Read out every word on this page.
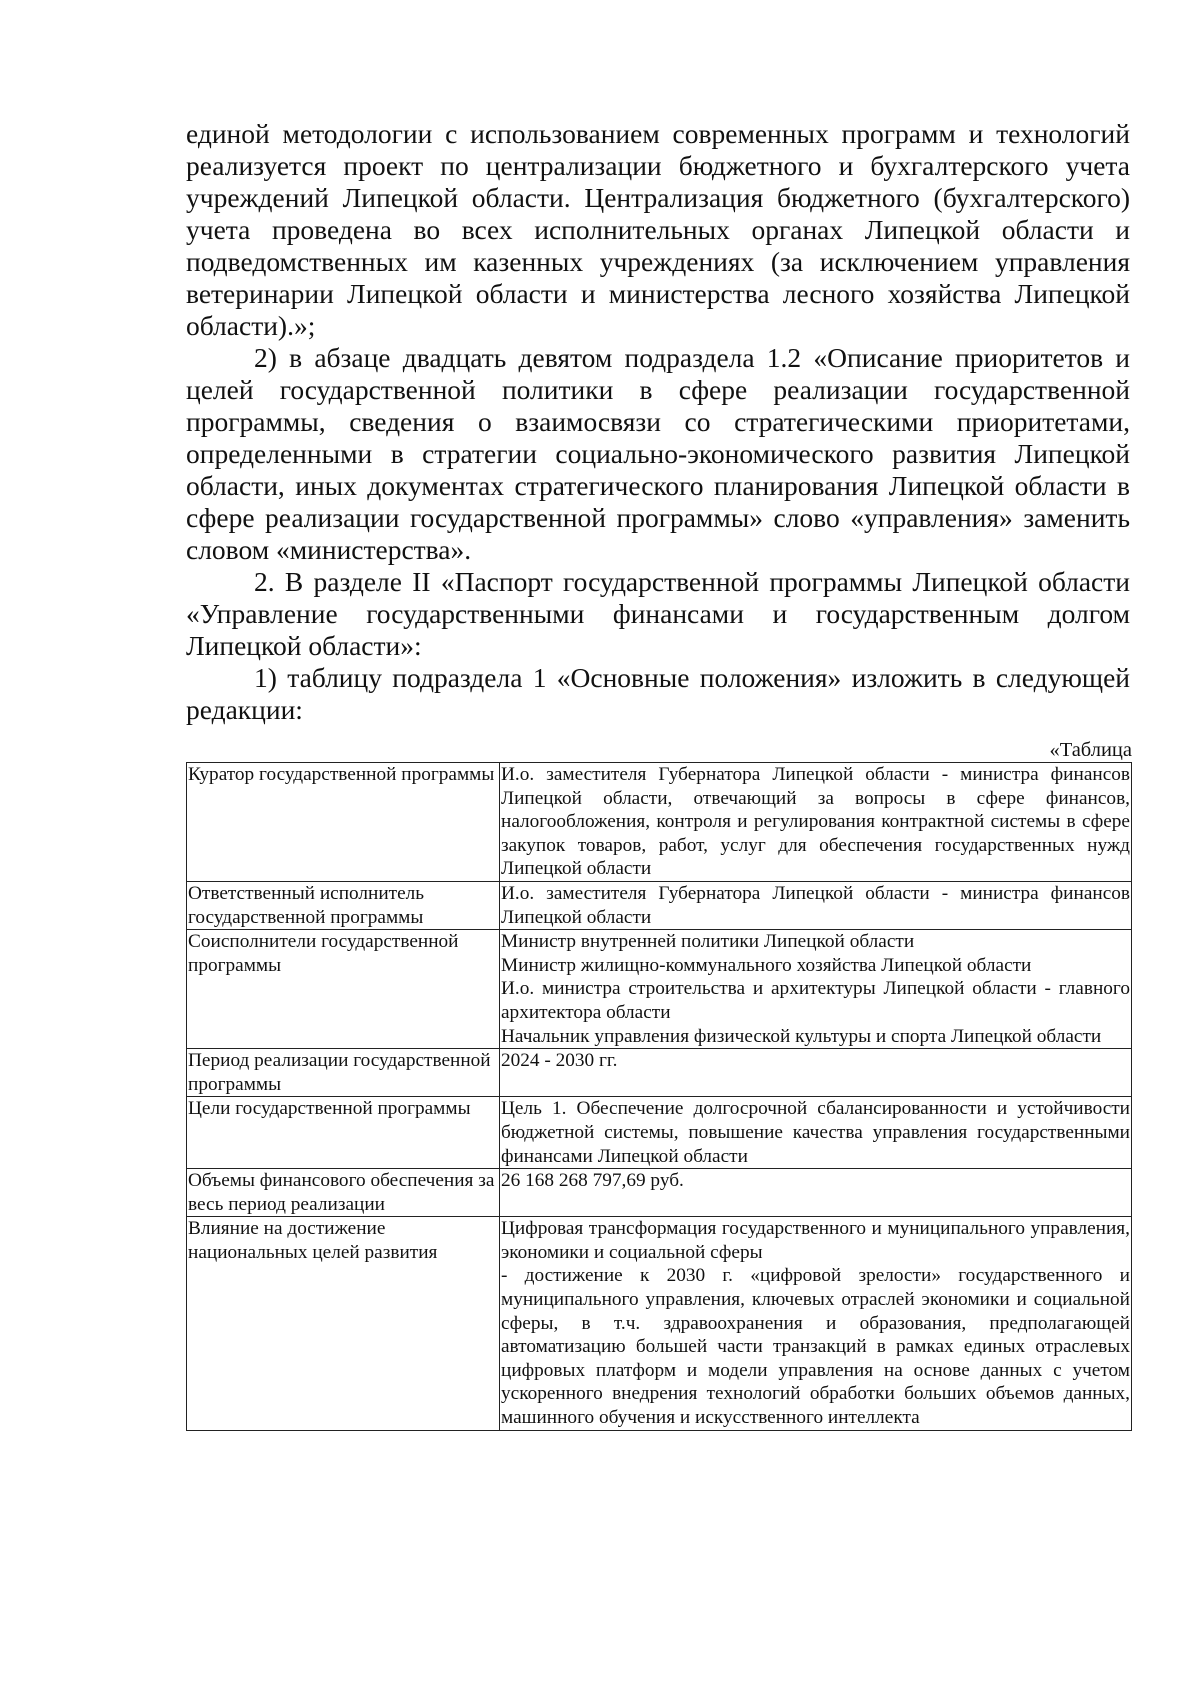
единой методологии с использованием современных программ и технологий реализуется проект по централизации бюджетного и бухгалтерского учета учреждений Липецкой области. Централизация бюджетного (бухгалтерского) учета проведена во всех исполнительных органах Липецкой области и подведомственных им казенных учреждениях (за исключением управления ветеринарии Липецкой области и министерства лесного хозяйства Липецкой области).»;

2) в абзаце двадцать девятом подраздела 1.2 «Описание приоритетов и целей государственной политики в сфере реализации государственной программы, сведения о взаимосвязи со стратегическими приоритетами, определенными в стратегии социально-экономического развития Липецкой области, иных документах стратегического планирования Липецкой области в сфере реализации государственной программы» слово «управления» заменить словом «министерства».

2. В разделе II «Паспорт государственной программы Липецкой области «Управление государственными финансами и государственным долгом Липецкой области»:

1) таблицу подраздела 1 «Основные положения» изложить в следующей редакции:

«Таблица
Куратор государственной программы	И.о. заместителя Губернатора Липецкой области - министра финансов Липецкой области, отвечающий за вопросы в сфере финансов, налогообложения, контроля и регулирования контрактной системы в сфере закупок товаров, работ, услуг для обеспечения государственных нужд Липецкой области

Ответственный исполнитель государственной программы	И.о. заместителя Губернатора Липецкой области - министра финансов Липецкой области

Соисполнители государственной программы	Министр внутренней политики Липецкой области
Министр жилищно-коммунального хозяйства Липецкой области
И.о. министра строительства и архитектуры Липецкой области - главного архитектора области
Начальник управления физической культуры и спорта Липецкой области

Период реализации государственной программы	2024 - 2030 гг.

Цели государственной программы	Цель 1. Обеспечение долгосрочной сбалансированности и устойчивости бюджетной системы, повышение качества управления государственными финансами Липецкой области

Объемы финансового обеспечения за весь период реализации	26 168 268 797,69 руб.

Влияние на достижение национальных целей развития	Цифровая трансформация государственного и муниципального управления, экономики и социальной сферы
- достижение к 2030 г. «цифровой зрелости» государственного и муниципального управления, ключевых отраслей экономики и социальной сферы, в т.ч. здравоохранения и образования, предполагающей автоматизацию большей части транзакций в рамках единых отраслевых цифровых платформ и модели управления на основе данных с учетом ускоренного внедрения технологий обработки больших объемов данных, машинного обучения и искусственного интеллекта
